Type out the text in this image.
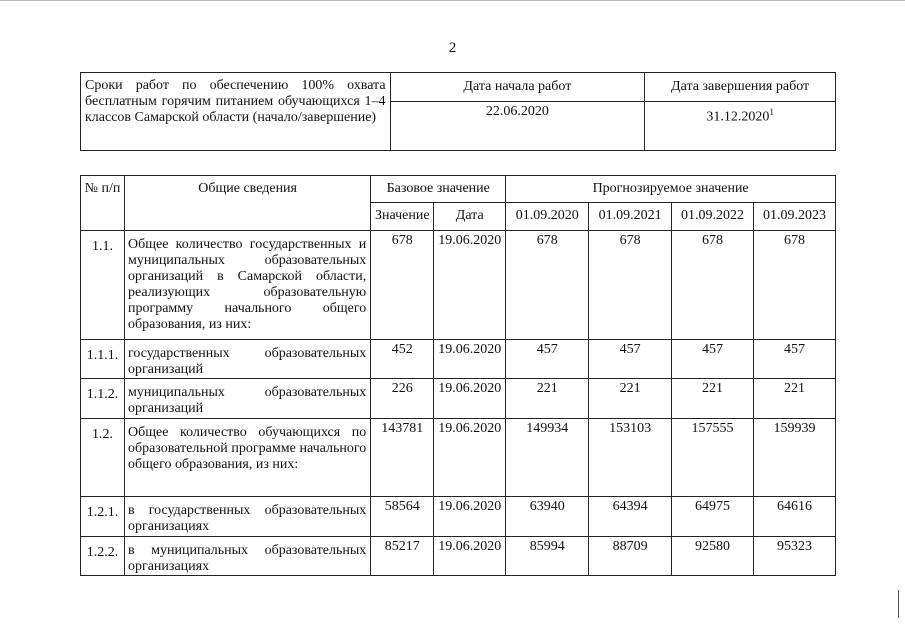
2
Сроки работ по обеспечению 100% охвата бесплатным горячим питанием обучающихся 1–4 классов Самарской области (начало/завершение)	Дата начала работ	Дата завершения работ
	22.06.2020	31.12.2020$^1$
№ п/п	Общие сведения	Базовое значение		Прогнозируемое значение			
		Значение	Дата	01.09.2020	01.09.2021	01.09.2022	01.09.2023
1.1.	Общее количество государственных и муниципальных образовательных организаций в Самарской области, реализующих образовательную программу начального общего образования, из них:	678	19.06.2020	678	678	678	678
1.1.1.	государственных образовательных организаций	452	19.06.2020	457	457	457	457
1.1.2.	муниципальных образовательных организаций	226	19.06.2020	221	221	221	221
1.2.	Общее количество обучающихся по образовательной программе начального общего образования, из них:	143781	19.06.2020	149934	153103	157555	159939
1.2.1.	в государственных образовательных организациях	58564	19.06.2020	63940	64394	64975	64616
1.2.2.	в муниципальных образовательных организациях	85217	19.06.2020	85994	88709	92580	95323
